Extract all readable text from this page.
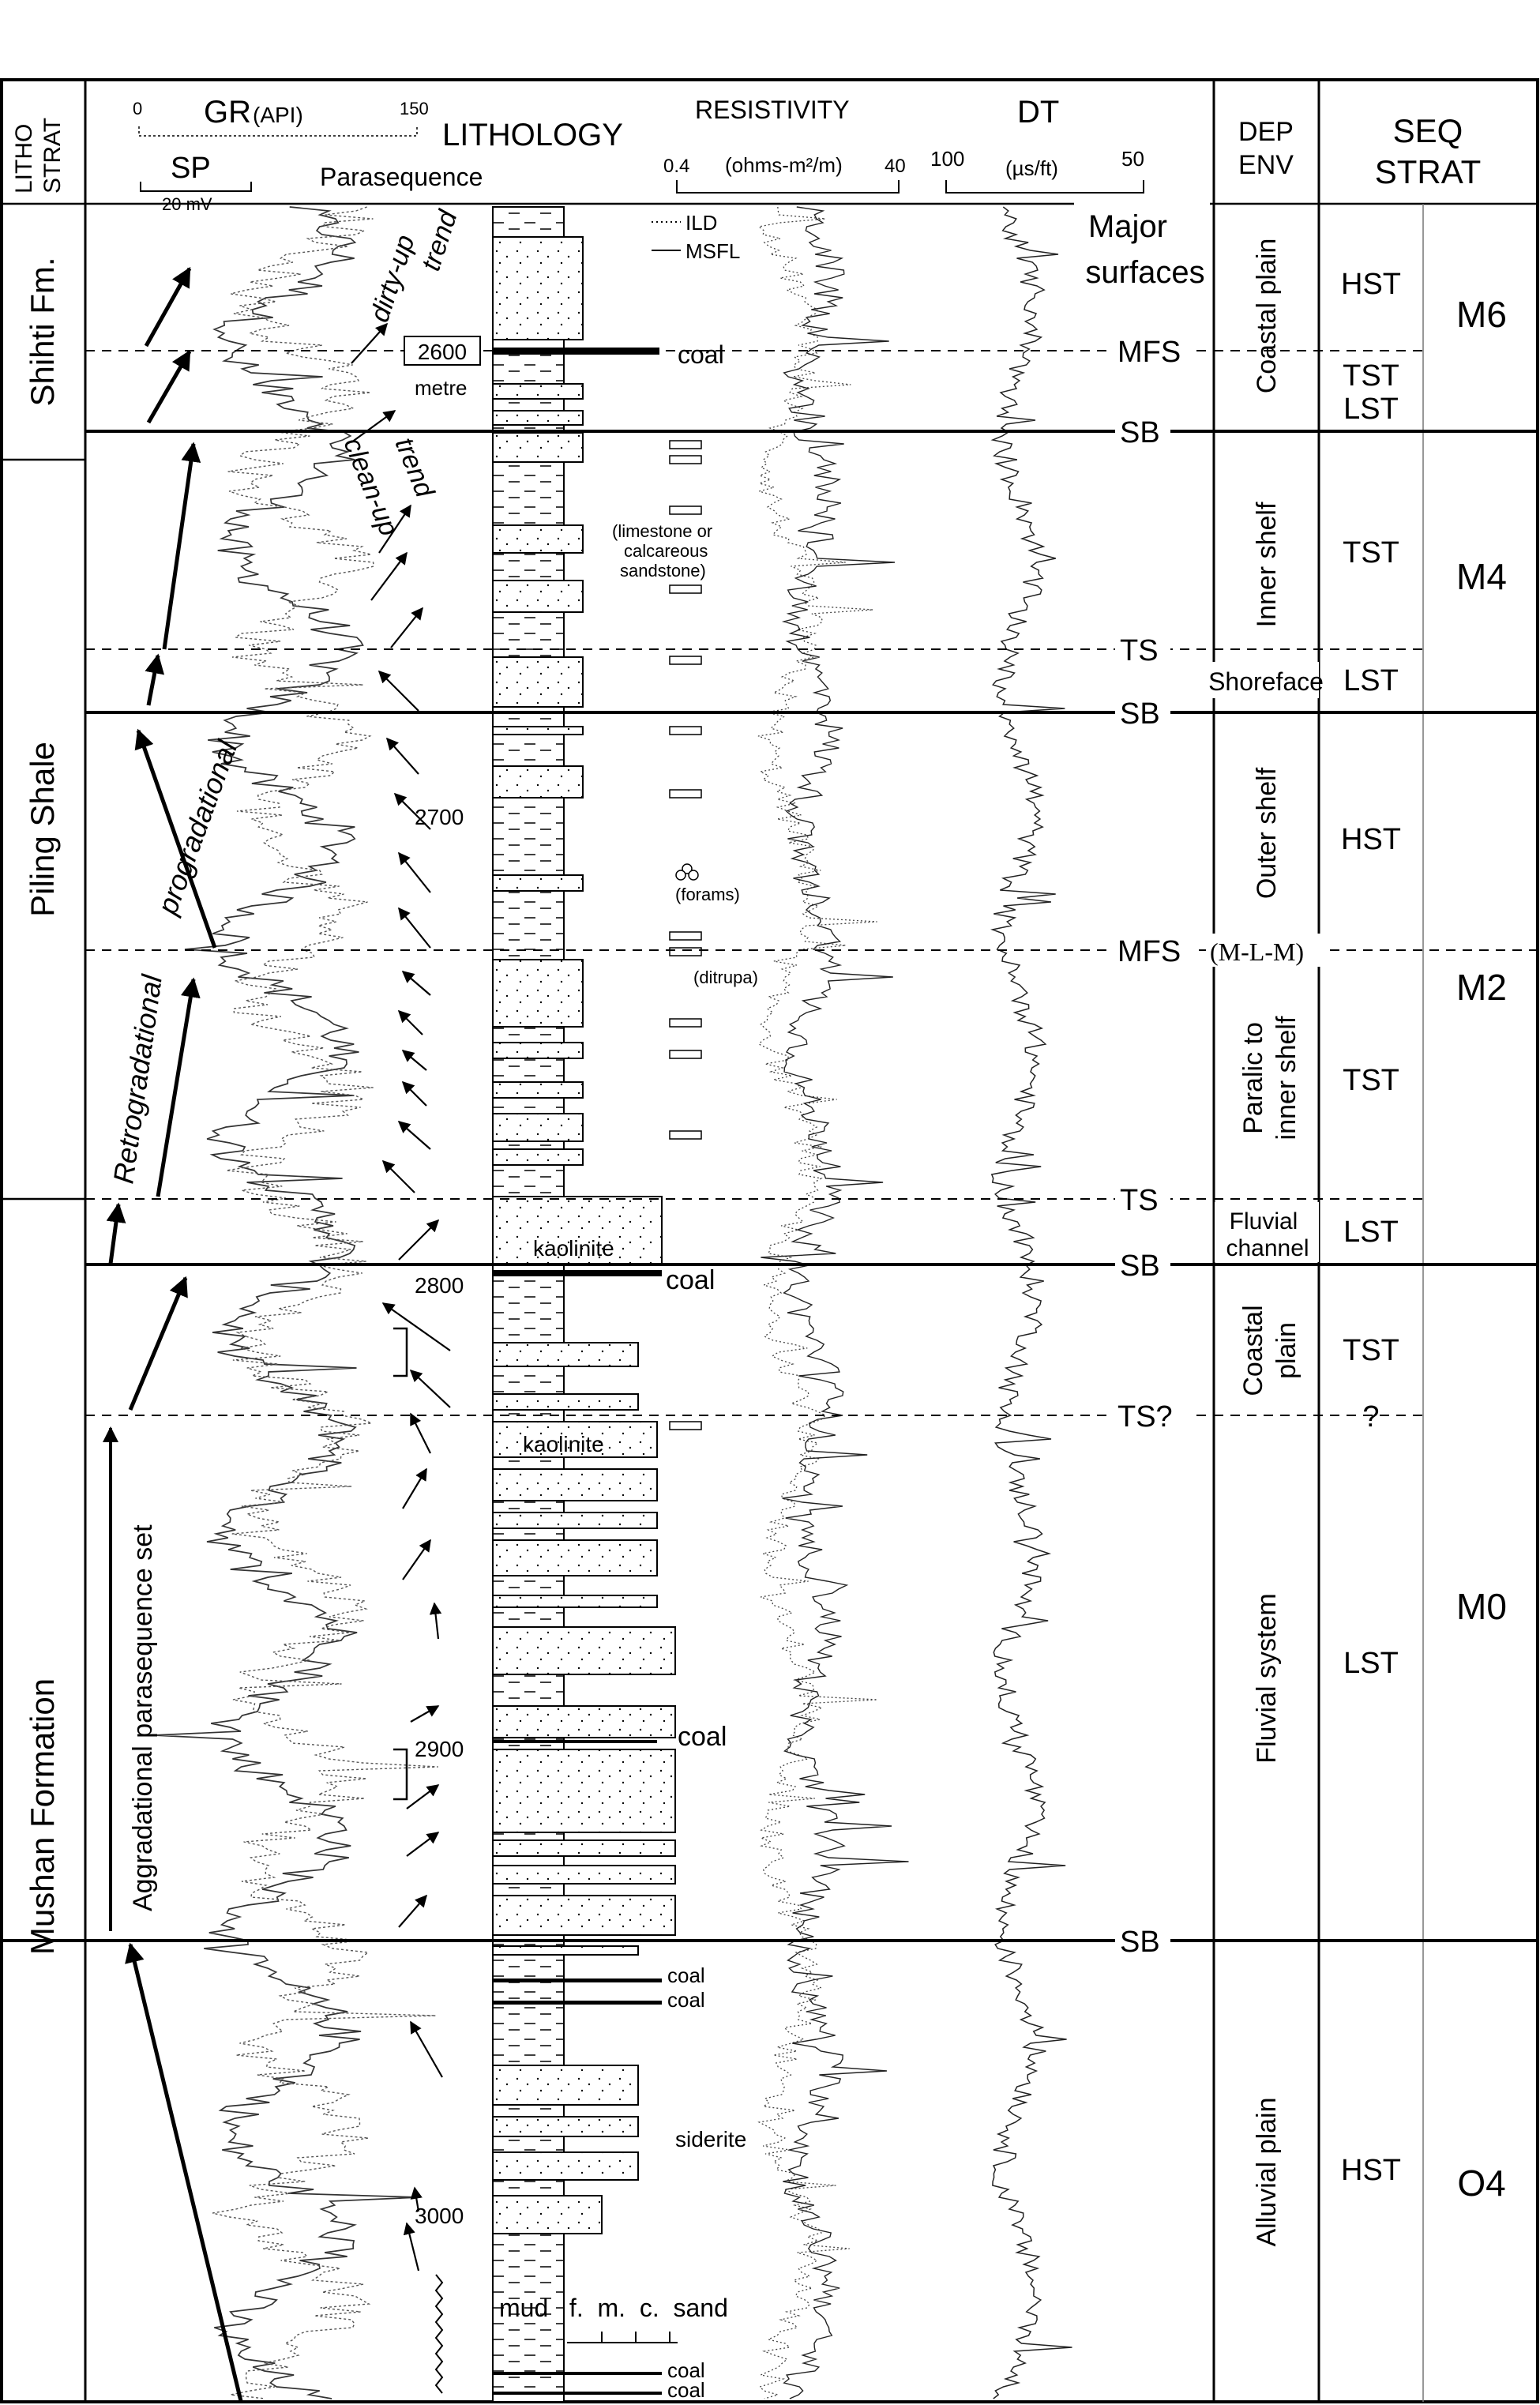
LITHO STRAT
0 GR (API)	150
SP
20 mV
LITHOLOGY
Parasequence
RESISTIVITY
0.4 (ohms-m²/m) 40
DT
100 (µs/ft)	50
DEP
ENV
SEQ
STRAT
Shihti Fm.
Piling Shale
Mushan Formation
MFS
SB
TS
SB
MFS (M-L-M)
TS
SB
TS?
SB
ILD
MSFL
Major
surfaces
2600
metre
2700
2800
2900
3000
dirty-up
trend
clean-up
trend
Retrogradational
progradational
Aggradational parasequence set
coal
(limestone or
calcareous
sandstone)
(forams)
(ditrupa)
kaolinite
coal
kaolinite
coal
coal
coal
siderite
mud   f.  m.  c.  sand
coal
coal
Coastal plain
Inner shelf
Shoreface
Outer shelf
Paralic to inner shelf
Fluvial
channel
Coastal plain
Fluvial system
Alluvial plain
HST
TST
LST
TST
LST
HST
TST
LST
TST
?
LST
HST
M6
M4
M2
M0
O4
